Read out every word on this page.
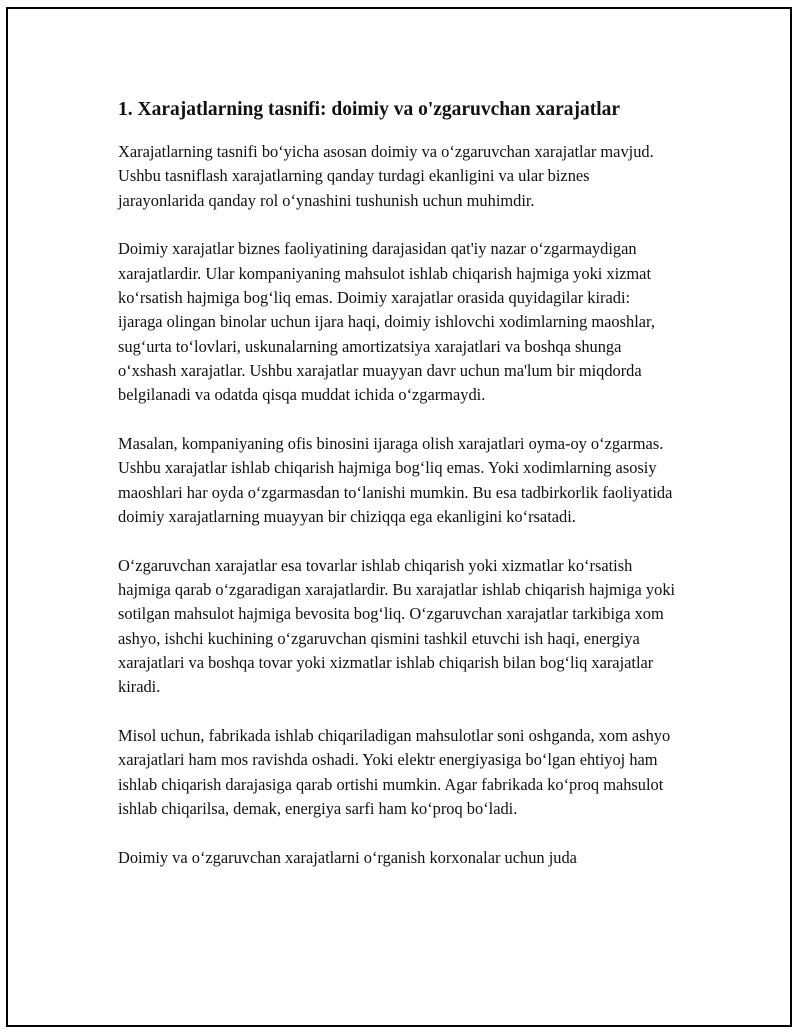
1. Xarajatlarning tasnifi: doimiy va o'zgaruvchan xarajatlar

Xarajatlarning tasnifi bo‘yicha asosan doimiy va o‘zgaruvchan xarajatlar mavjud. Ushbu tasniflash xarajatlarning qanday turdagi ekanligini va ular biznes jarayonlarida qanday rol o‘ynashini tushunish uchun muhimdir.

Doimiy xarajatlar biznes faoliyatining darajasidan qat'iy nazar o‘zgarmaydigan xarajatlardir. Ular kompaniyaning mahsulot ishlab chiqarish hajmiga yoki xizmat ko‘rsatish hajmiga bog‘liq emas. Doimiy xarajatlar orasida quyidagilar kiradi: ijaraga olingan binolar uchun ijara haqi, doimiy ishlovchi xodimlarning maoshlar, sug‘urta to‘lovlari, uskunalarning amortizatsiya xarajatlari va boshqa shunga o‘xshash xarajatlar. Ushbu xarajatlar muayyan davr uchun ma'lum bir miqdorda belgilanadi va odatda qisqa muddat ichida o‘zgarmaydi.

Masalan, kompaniyaning ofis binosini ijaraga olish xarajatlari oyma-oy o‘zgarmas. Ushbu xarajatlar ishlab chiqarish hajmiga bog‘liq emas. Yoki xodimlarning asosiy maoshlari har oyda o‘zgarmasdan to‘lanishi mumkin. Bu esa tadbirkorlik faoliyatida doimiy xarajatlarning muayyan bir chiziqqa ega ekanligini ko‘rsatadi.

O‘zgaruvchan xarajatlar esa tovarlar ishlab chiqarish yoki xizmatlar ko‘rsatish hajmiga qarab o‘zgaradigan xarajatlardir. Bu xarajatlar ishlab chiqarish hajmiga yoki sotilgan mahsulot hajmiga bevosita bog‘liq. O‘zgaruvchan xarajatlar tarkibiga xom ashyo, ishchi kuchining o‘zgaruvchan qismini tashkil etuvchi ish haqi, energiya xarajatlari va boshqa tovar yoki xizmatlar ishlab chiqarish bilan bog‘liq xarajatlar kiradi.

Misol uchun, fabrikada ishlab chiqariladigan mahsulotlar soni oshganda, xom ashyo xarajatlari ham mos ravishda oshadi. Yoki elektr energiyasiga bo‘lgan ehtiyoj ham ishlab chiqarish darajasiga qarab ortishi mumkin. Agar fabrikada ko‘proq mahsulot ishlab chiqarilsa, demak, energiya sarfi ham ko‘proq bo‘ladi.

Doimiy va o‘zgaruvchan xarajatlarni o‘rganish korxonalar uchun juda
